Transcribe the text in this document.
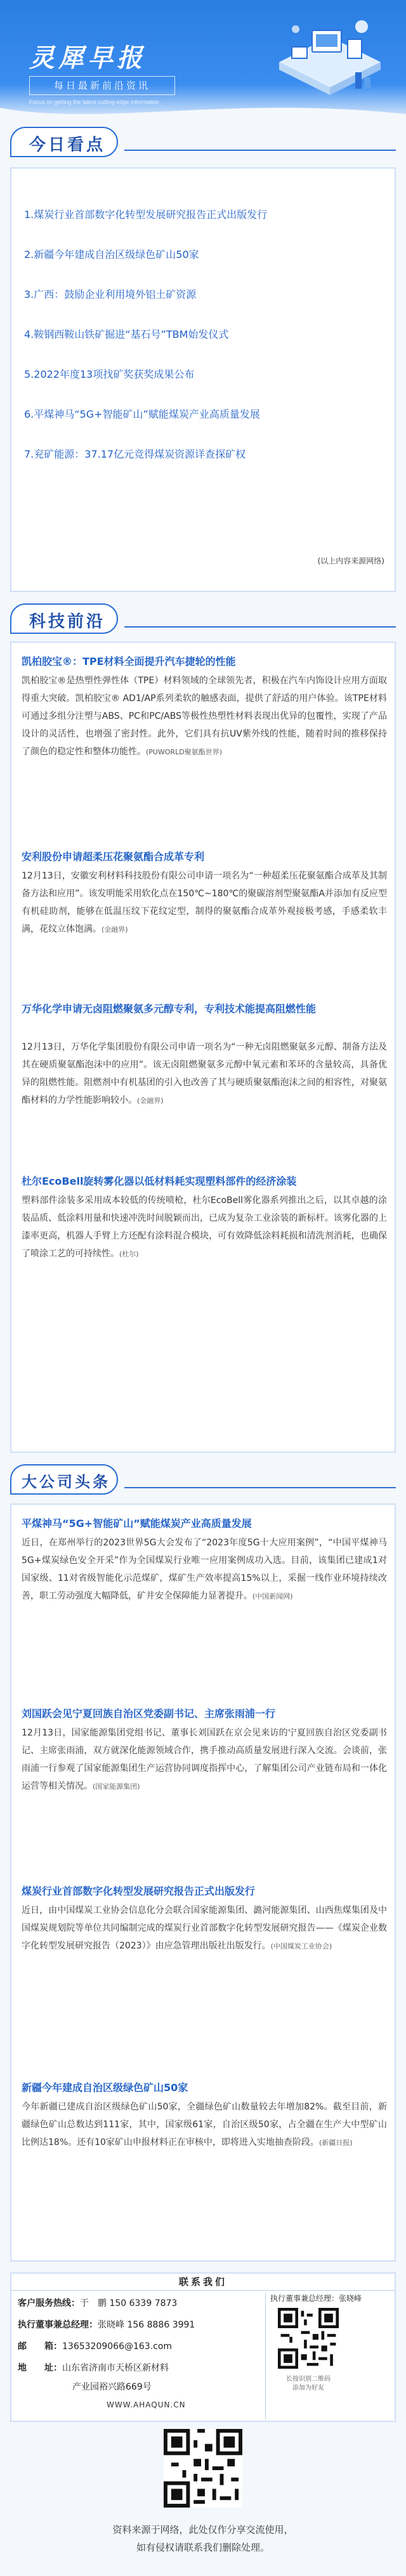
灵犀早报
每日最新前沿资讯
Focus on getting the latest cutting-edge information
今日看点
1.煤炭行业首部数字化转型发展研究报告正式出版发行
2.新疆今年建成自治区级绿色矿山50家
3.广西：鼓励企业利用境外铝土矿资源
4.鞍钢西鞍山铁矿掘进“基石号”TBM始发仪式
5.2022年度13项找矿奖获奖成果公布
6.平煤神马“5G+智能矿山”赋能煤炭产业高质量发展
7.兖矿能源：37.17亿元竞得煤炭资源详查探矿权
(以上内容来源网络)
科技前沿
凯柏胶宝®：TPE材料全面提升汽车捷轮的性能
凯柏胶宝®是热塑性弹性体（TPE）材料领域的全球领先者，积极在汽车内饰设计应用方面取得重大突破。凯柏胶宝® AD1/AP系列柔软的触感表面，提供了舒适的用户体验。该TPE材料可通过多组分注塑与ABS、PC和PC/ABS等极性热塑性材料表现出优异的包覆性，实现了产品设计的灵活性，也增强了密封性。此外，它们具有抗UV紫外线的性能，随着时间的推移保持了颜色的稳定性和整体功能性。(PUWORLD聚氨酯世界)
安利股份申请超柔压花聚氨酯合成革专利
12月13日，安徽安利材料科技股份有限公司申请一项名为“一种超柔压花聚氨酯合成革及其制备方法和应用”。该发明能采用软化点在150℃~180℃的聚碳溶剂型聚氨酯A并添加有反应型有机硅助剂，能够在低温压纹下花纹定型，制得的聚氨酯合成革外观接极考感，手感柔软丰满，花纹立体饱满。(金融界)
万华化学申请无卤阻燃聚氨多元醇专利，专利技术能提高阻燃性能
12月13日，万华化学集团股份有限公司申请一项名为“一种无卤阻燃聚氨多元醇、制备方法及其在硬质聚氨酯泡沫中的应用”。该无卤阻燃聚氨多元醇中氧元素和苯环的含量较高，具备优异的阻燃性能。阻燃剂中有机基团的引入也改善了其与硬质聚氨酯泡沫之间的相容性，对聚氨酯材料的力学性能影响较小。(金融界)
杜尔EcoBell旋转雾化器以低材料耗实现塑料部件的经济涂装
塑料部件涂装多采用成本较低的传统喷枪，杜尔EcoBell雾化器系列推出之后，以其卓越的涂装品质、低涂料用量和快速冲洗时间脱颖而出，已成为复杂工业涂装的新标杆。该雾化器的上漆率更高，机器人手臂上方还配有涂料混合模块，可有效降低涂料耗损和清洗剂消耗，也确保了喷涂工艺的可持续性。(杜尔)
大公司头条
平煤神马“5G+智能矿山”赋能煤炭产业高质量发展
近日，在郑州举行的2023世界5G大会发布了“2023年度5G十大应用案例”，“中国平煤神马5G+煤炭绿色安全开采”作为全国煤炭行业唯一应用案例成功入选。目前，该集团已建成1对国家级、11对省级智能化示范煤矿，煤矿生产效率提高15%以上，采掘一线作业环境持续改善，职工劳动强度大幅降低，矿井安全保障能力显著提升。(中国新闻网)
刘国跃会见宁夏回族自治区党委副书记、主席张雨浦一行
12月13日，国家能源集团党组书记、董事长刘国跃在京会见来访的宁夏回族自治区党委副书记、主席张雨浦，双方就深化能源领域合作，携手推动高质量发展进行深入交流。会谈前，张雨浦一行参观了国家能源集团生产运营协同调度指挥中心，了解集团公司产业链布局和一体化运营等相关情况。(国家能源集团)
煤炭行业首部数字化转型发展研究报告正式出版发行
近日，由中国煤炭工业协会信息化分会联合国家能源集团、潞河能源集团、山西焦煤集团及中国煤炭规划院等单位共同编制完成的煤炭行业首部数字化转型发展研究报告——《煤炭企业数字化转型发展研究报告（2023）》由应急管理出版社出版发行。(中国煤炭工业协会)
新疆今年建成自治区级绿色矿山50家
今年新疆已建成自治区级绿色矿山50家，全疆绿色矿山数量较去年增加82%。截至目前，新疆绿色矿山总数达到111家，其中，国家级61家，自治区级50家，占全疆在生产大中型矿山比例达18%。还有10家矿山申报材料正在审核中，即将进入实地抽查阶段。(新疆日报)
联系我们
客户服务热线：于　鹏 150 6339 7873
执行董事兼总经理：张晓峰 156 8886 3991
邮　　箱：13653209066@163.com
地　　址：山东省济南市天桥区新材料
产业园裕兴路669号
WWW.AHAQUN.CN
执行董事兼总经理：张晓峰
长按识别二维码
添加为好友
资料来源于网络，此处仅作分享交流使用，
如有侵权请联系我们删除处理。
